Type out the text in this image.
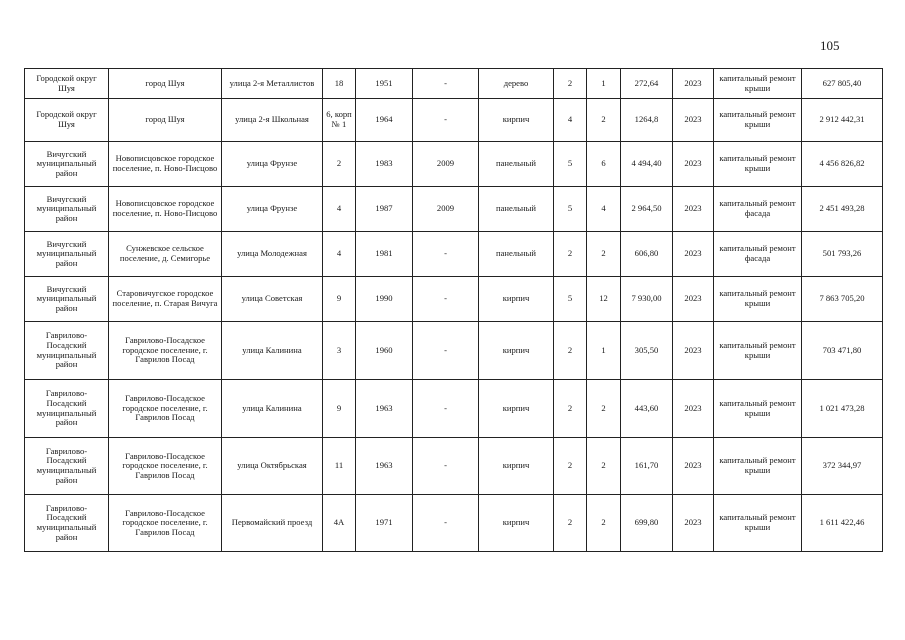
105
Городской округ Шуя	город Шуя	улица 2-я Металлистов	18	1951	-	дерево	2	1	272,64	2023	капитальный ремонт крыши	627 805,40
Городской округ Шуя	город Шуя	улица 2-я Школьная	6, корп № 1	1964	-	кирпич	4	2	1264,8	2023	капитальный ремонт крыши	2 912 442,31
Вичугский муниципальный район	Новописцовское городское поселение, п. Ново-Писцово	улица Фрунзе	2	1983	2009	панельный	5	6	4 494,40	2023	капитальный ремонт крыши	4 456 826,82
Вичугский муниципальный район	Новописцовское городское поселение, п. Ново-Писцово	улица Фрунзе	4	1987	2009	панельный	5	4	2 964,50	2023	капитальный ремонт фасада	2 451 493,28
Вичугский муниципальный район	Сунжевское сельское поселение, д. Семигорье	улица Молодежная	4	1981	-	панельный	2	2	606,80	2023	капитальный ремонт фасада	501 793,26
Вичугский муниципальный район	Старовичугское городское поселение, п. Старая Вичуга	улица Советская	9	1990	-	кирпич	5	12	7 930,00	2023	капитальный ремонт крыши	7 863 705,20
Гаврилово-Посадский муниципальный район	Гаврилово-Посадское городское поселение, г. Гаврилов Посад	улица Калинина	3	1960	-	кирпич	2	1	305,50	2023	капитальный ремонт крыши	703 471,80
Гаврилово-Посадский муниципальный район	Гаврилово-Посадское городское поселение, г. Гаврилов Посад	улица Калинина	9	1963	-	кирпич	2	2	443,60	2023	капитальный ремонт крыши	1 021 473,28
Гаврилово-Посадский муниципальный район	Гаврилово-Посадское городское поселение, г. Гаврилов Посад	улица Октябрьская	11	1963	-	кирпич	2	2	161,70	2023	капитальный ремонт крыши	372 344,97
Гаврилово-Посадский муниципальный район	Гаврилово-Посадское городское поселение, г. Гаврилов Посад	Первомайский проезд	4А	1971	-	кирпич	2	2	699,80	2023	капитальный ремонт крыши	1 611 422,46
